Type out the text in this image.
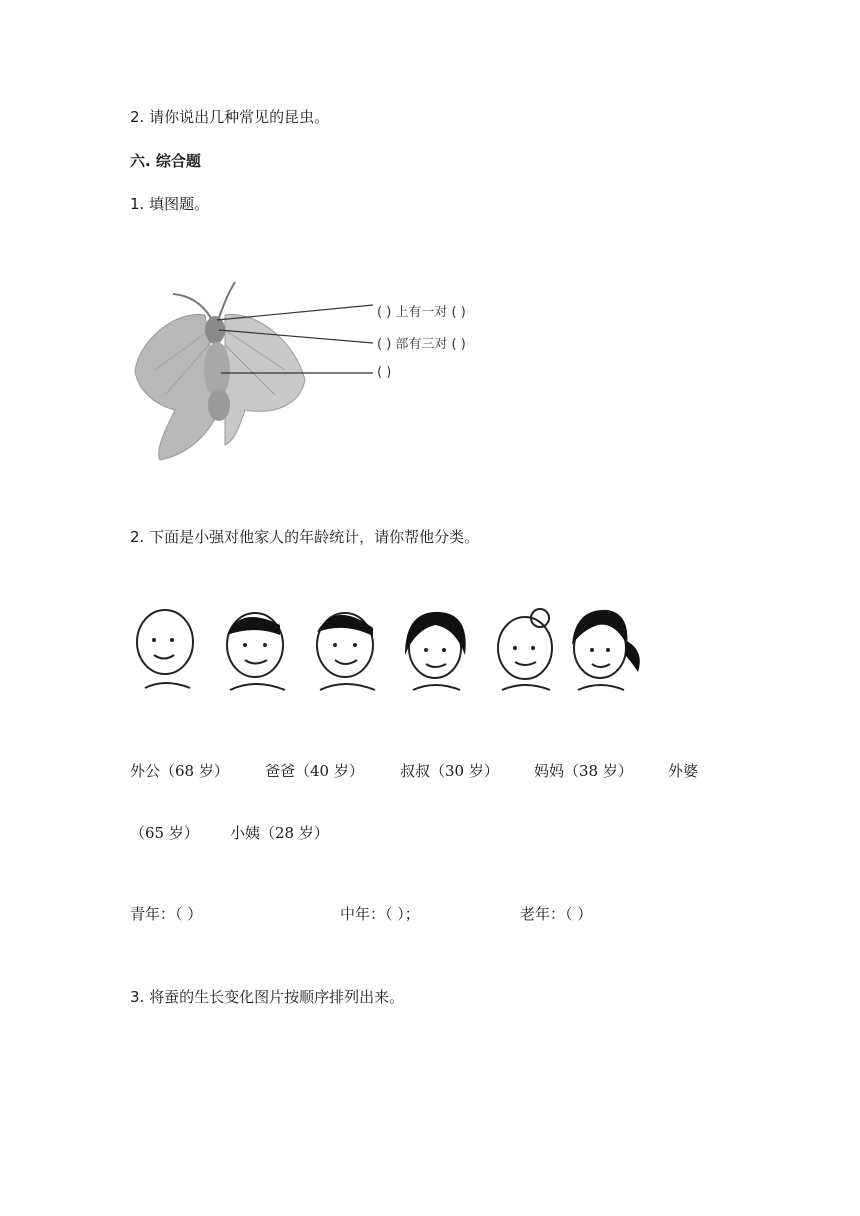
2. 请你说出几种常见的昆虫。
六. 综合题
1. 填图题。
( ) 上有一对 ( )
( ) 部有三对 ( )
( )
2. 下面是小强对他家人的年龄统计，请你帮他分类。
外公（68 岁） 爸爸（40 岁） 叔叔（30 岁） 妈妈（38 岁） 外婆
（65 岁） 小姨（28 岁）
青年：（ ）	中年：（ ）；	老年：（ ）
3. 将蚕的生长变化图片按顺序排列出来。
